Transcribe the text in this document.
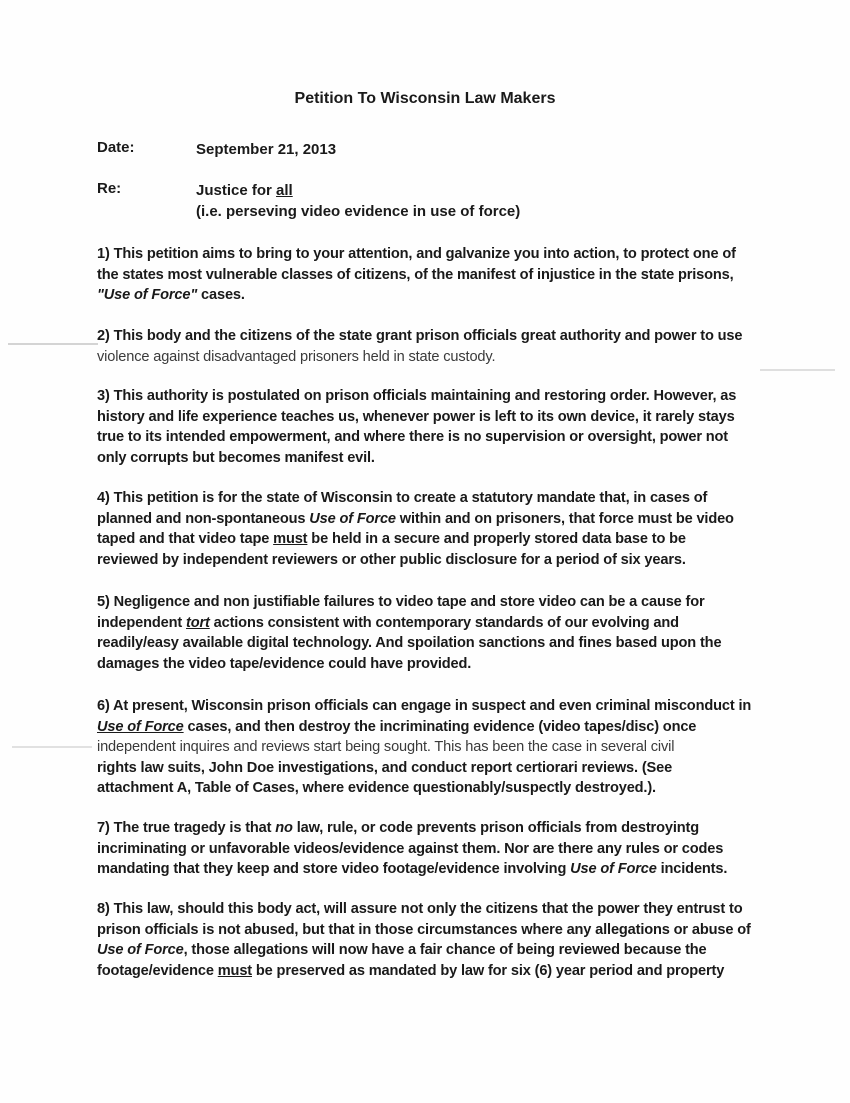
Petition To Wisconsin Law Makers
Date:	September 21, 2013
Re:	Justice for all
(i.e. perseving video evidence in use of force)
1) This petition aims to bring to your attention, and galvanize you into action, to protect one of
the states most vulnerable classes of citizens, of the manifest of injustice in the state prisons,
"Use of Force" cases.
2) This body and the citizens of the state grant prison officials great authority and power to use
violence against disadvantaged prisoners held in state custody.
3) This authority is postulated on prison officials maintaining and restoring order. However, as
history and life experience teaches us, whenever power is left to its own device, it rarely stays
true to its intended empowerment, and where there is no supervision or oversight, power not
only corrupts but becomes manifest evil.
4) This petition is for the state of Wisconsin to create a statutory mandate that, in cases of
planned and non-spontaneous Use of Force within and on prisoners, that force must be video
taped and that video tape must be held in a secure and properly stored data base to be
reviewed by independent reviewers or other public disclosure for a period of six years.
5) Negligence and non justifiable failures to video tape and store video can be a cause for
independent tort actions consistent with contemporary standards of our evolving and
readily/easy available digital technology. And spoilation sanctions and fines based upon the
damages the video tape/evidence could have provided.
6) At present, Wisconsin prison officials can engage in suspect and even criminal misconduct in
Use of Force cases, and then destroy the incriminating evidence (video tapes/disc) once
independent inquires and reviews start being sought. This has been the case in several civil
rights law suits, John Doe investigations, and conduct report certiorari reviews. (See
attachment A, Table of Cases, where evidence questionably/suspectly destroyed.).
7) The true tragedy is that no law, rule, or code prevents prison officials from destroyintg
incriminating or unfavorable videos/evidence against them. Nor are there any rules or codes
mandating that they keep and store video footage/evidence involving Use of Force incidents.
8) This law, should this body act, will assure not only the citizens that the power they entrust to
prison officials is not abused, but that in those circumstances where any allegations or abuse of
Use of Force, those allegations will now have a fair chance of being reviewed because the
footage/evidence must be preserved as mandated by law for six (6) year period and property
